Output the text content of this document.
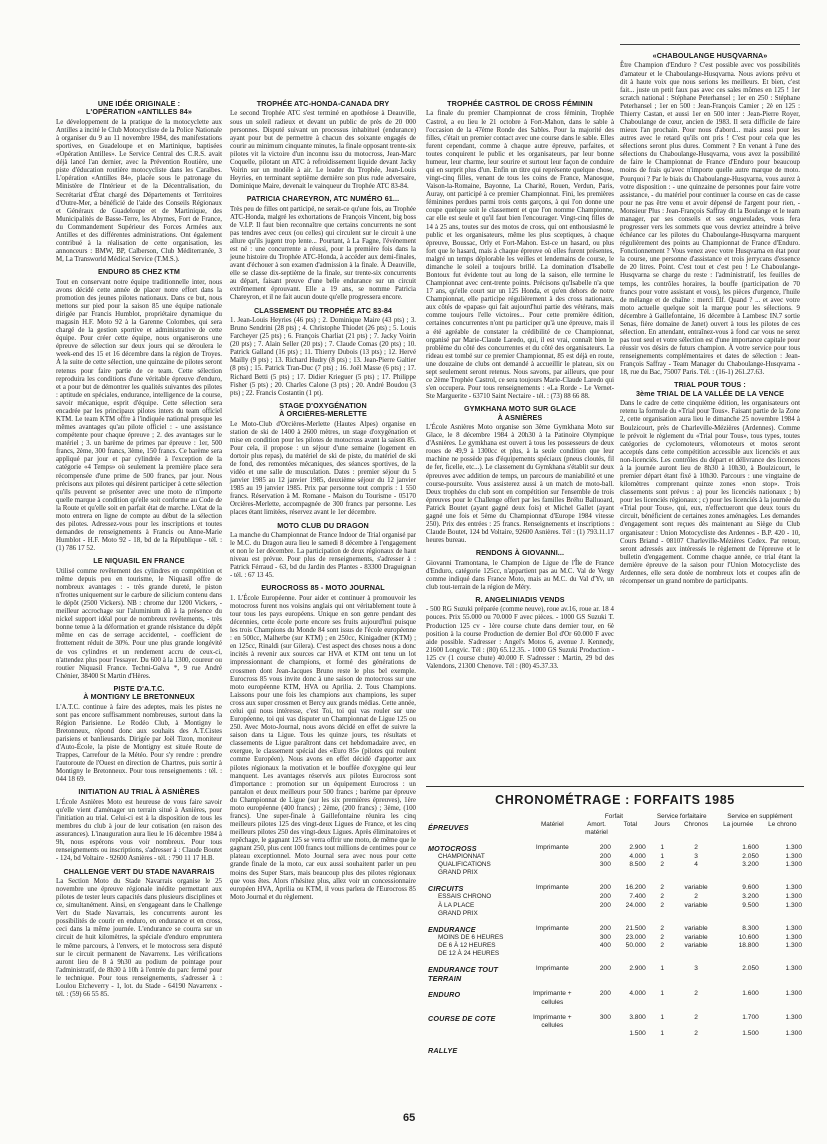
UNE IDÉE ORIGINALE :
L'OPÉRATION «ANTILLES 84»

Le développement de la pratique de la motocyclette aux Antilles a incité le Club Motocycliste de la Police Nationale à organiser du 9 au 11 novembre 1984, des manifestations sportives, en Guadeloupe et en Martinique, baptisées «Opération Antilles». Le Service Central des C.R.S. avait déjà lancé l'an dernier, avec la Prévention Routière, une piste d'éducation routière motocycliste dans les Caraïbes. L'opération «Antilles 84», placée sous le patronage du Ministère de l'Intérieur et de la Décentralisation, du Secrétariat d'État chargé des Départements et Territoires d'Outre-Mer, a bénéficié de l'aide des Conseils Régionaux et Généraux de Guadeloupe et de Martinique, des Municipalités de Basse-Terre, les Abymes, Fort de France, du Commandement Supérieur des Forces Armées aux Antilles et des différentes administrations. Ont également contribué à la réalisation de cette organisation, les annonceurs : BMW, BP, Calberson, Club Méditerranée, 3 M, La Transworld Médical Service (T.M.S.).

ENDURO 85 CHEZ KTM

Tout en conservant notre équipe traditionnelle inter, nous avons décidé cette année de placer notre effort dans la promotion des jeunes pilotes nationaux. Dans ce but, nous mettons sur pied pour la saison 85 une équipe nationale dirigée par Francis Humblot, propriétaire dynamique du magasin H.F. Moto 92 à la Garenne Colombes, qui sera chargé de la gestion sportive et administrative de cette équipe. Pour créer cette équipe, nous organiserons une épreuve de sélection sur deux jours qui se déroulera le week-end des 15 et 16 décembre dans la région de Troyes. À la suite de cette sélection, une quinzaine de pilotes seront retenus pour faire partie de ce team. Cette sélection reproduira les conditions d'une véritable épreuve d'enduro, et a pour but de démontrer les qualités suivantes des pilotes : aptitude en spéciales, endurance, intelligence de la course, savoir mécanique, esprit d'équipe. Cette sélection sera encadrée par les principaux pilotes inters du team officiel KTM. Le team KTM offre à l'indiquée national presque les mêmes avantages qu'au pilote officiel : - une assistance compétente pour chaque épreuve ; 2. des avantages sur le matériel ; 3. un barème de primes par épreuve : 1er, 500 francs, 2ème, 300 francs, 3ème, 150 francs. Ce barème sera appliqué par jour et par cylindrée à l'exception de la catégorie «4 Temps» où seulement la première place sera récompensée d'une prime de 500 francs, par jour. Nous précisons aux pilotes qui désirent participer à cette sélection qu'ils peuvent se présenter avec une moto de n'importe quelle marque à condition qu'elle soit conforme au Code de la Route et qu'elle soit en parfait état de marche. L'état de la moto entrera en ligne de compte au début de la sélection des pilotes. Adressez-vous pour les inscriptions et toutes demandes de renseignements à Francis ou Anne-Marie Humblot - H.F. Moto 92 - 18, bd de la République - tél. : (1) 786 17 52.

LE NIQUASIL EN FRANCE

Utilisé comme revêtement des cylindres en compétition et même depuis peu en tourisme, le Niquasil offre de nombreux avantages : - très grande dureté, le piston n'frottes uniquement sur le carbure de silicium contenu dans le dépôt (2500 Vickers). NB : chrome dur 1200 Vickers, - meilleur accrochage sur l'aluminium dû à la présence du nickel support idéal pour de nombreux revêtements, - très bonne tenue à la déformation et grande résistance du dépôt même en cas de serrage accidentel, - coefficient de frottement réduit de 30%. Pour une plus grande longévité de vos cylindres et un rendement accru de ceux-ci, n'attendez plus pour l'essayer. Du 600 à la 1300, coureur ou routier Niquasil France. Techni-Galva *, 9 rue André Chénier, 38400 St Martin d'Hères.

PISTE D'A.T.C.
À MONTIGNY LE BRETONNEUX

L'A.T.C. continue à faire des adeptes, mais les pistes ne sont pas encore suffisamment nombreuses, surtout dans la Région Parisienne. Le Rodéo Club, à Montigny le Bretonneux, répond donc aux souhaits des A.T.Cistes parisiens et banlieusards. Dirigée par Joël Tizon, moniteur d'Auto-École, la piste de Montigny est située Route de Trappes, Carrefour de la Météo. Pour s'y rendre : prendre l'autoroute de l'Ouest en direction de Chartres, puis sortir à Montigny le Bretonneux. Pour tous renseignements : tél. : 044 18 69.

INITIATION AU TRIAL À ASNIÈRES

L'École Asnières Moto est heureuse de vous faire savoir qu'elle vient d'aménager un terrain situé à Asnières, pour l'initiation au trial. Celui-ci est à la disposition de tous les membres du club à jour de leur cotisation (en raison des assurances). L'inauguration aura lieu le 16 décembre 1984 à 9h, nous espérons vous voir nombreux. Pour tous renseignements ou inscriptions, s'adresser à : Claude Boutet - 124, bd Voltaire - 92600 Asnières - tél. : 790 11 17 H.B.

CHALLENGE VERT DU STADE NAVARRAIS

La Section Moto du Stade Navarrais organise le 25 novembre une épreuve régionale inédite permettant aux pilotes de tester leurs capacités dans plusieurs disciplines et ce, simultanément. Ainsi, en s'engageant dans le Challenge Vert du Stade Navarrais, les concurrents auront les possibilités de courir en enduro, en endurance et en cross, ceci dans la même journée. L'endurance se courra sur un circuit de huit kilomètres, la spéciale d'enduro empruntera le même parcours, à l'envers, et le motocross sera disputé sur le circuit permanent de Navarrenx. Les vérifications auront lieu de 8 à 9h30 au podium de pointage pour l'administratif, de 8h30 à 10h à l'entrée du parc fermé pour le technique. Pour tous renseignements, s'adresser à : Loulou Etcheverry - 1, lot. du Stade - 64190 Navarrenx - tél. : (59) 66 55 85.

TROPHÉE ATC-HONDA-CANADA DRY

Le second Trophée ATC s'est terminé en apothéose à Deauville, sous un soleil radieux et devant un public de près de 20 000 personnes. Disputé suivant un processus inhabituel (endurance) ayant pour but de permettre à chacun des soixante engagés de courir au minimum cinquante minutes, la finale opposant trente-six pilotes vit la victoire d'un inconnu issu du motocross, Jean-Marc Coquelle, pilotant un ATC à refroidissement liquide devant Jacky Voirin sur un modèle à air. Le leader du Trophée, Jean-Louis Heyries, en terminant septième dernière son plus rude adversaire, Dominique Maire, devenait le vainqueur du Trophée ATC 83-84.

PATRICIA CHAREYRON, ATC NUMÉRO 61...

Très peu de filles ont participé, ne serait-ce qu'une fois, au Trophée ATC-Honda, malgré les exhortations de François Vincent, big boss de V.I.P. Il faut bien reconnaître que certains concurrents ne sont pas tendres avec ceux (ou celles) qui circulent sur le circuit à une allure qu'ils jugent trop lente... Pourtant, à La Fagne, l'événement est né : une concurrente a réussi, pour la première fois dans la jeune histoire du Trophée ATC-Honda, à accéder aux demi-finales, avant d'échouer à son examen d'admission à la finale. À Deauville, elle se classe dix-septième de la finale, sur trente-six concurrents au départ, faisant preuve d'une belle endurance sur un circuit extrêmement éprouvant. Elle a 19 ans, se nomme Patricia Chareyron, et il ne fait aucun doute qu'elle progressera encore.

CLASSEMENT DU TROPHÉE ATC 83-84

1. Jean-Louis Heyries (46 pts) ; 2. Dominique Maire (43 pts) ; 3. Bruno Sendrini (28 pts) ; 4. Christophe Thiodet (26 pts) ; 5. Louis Farcheyer (25 pts) ; 6. François Charliat (21 pts) ; 7. Jacky Voirin (20 pts) ; 7. Alain Seller (20 pts) ; 7. Claude Comas (20 pts) ; 10. Patrick Galland (16 pts) ; 11. Thierry Dubois (13 pts) ; 12. Hervé Mailly (9 pts) ; 13. Richard Hudry (8 pts) ; 13. Jean-Pierre Galtier (8 pts) ; 15. Patrick Tran-Duc (7 pts) ; 16. Joël Masse (6 pts) ; 17. Richard Betti (5 pts) ; 17. Didier Krieguer (5 pts) ; 17. Philippe Fisher (5 pts) ; 20. Charles Calone (3 pts) ; 20. André Boudou (3 pts) ; 22. Francis Costantin (1 pt).

STAGE D'OXYGÉNATION
À ORCIÈRES-MERLETTE

Le Moto-Club d'Orcières-Merlette (Hautes Alpes) organise en station de ski de 1400 à 2600 mètres, un stage d'oxygénation et mise en condition pour les pilotes de motocross avant la saison 85. Pour cela, il propose : un séjour d'une semaine (logement en dortoir plus repas), du matériel de ski de piste, du matériel de ski de fond, des remontées mécaniques, des séances sportives, de la vidéo et une salle de musculation. Dates : premier séjour du 5 janvier 1985 au 12 janvier 1985, deuxième séjour du 12 janvier 1985 au 19 janvier 1985. Prix par personne tout compris : 1 550 francs. Réservation à M. Romane - Maison du Tourisme - 05170 Orcières-Merlette, accompagnée de 300 francs par personne. Les places étant limitées, réservez avant le 1er décembre.

MOTO CLUB DU DRAGON

La manche du Championnat de France Indoor de Trial organisé par le M.C. du Dragon aura lieu le samedi 8 décembre à l'engagement et non le 1er décembre. La participation de deux régionaux de haut niveau est prévue. Pour plus de renseignements, s'adresser à : Patrick Férraud - 63, bd du Jardin des Plantes - 83300 Draguignan - tél. : 67 13 45.

EUROCROSS 85 - MOTO JOURNAL

1. L'École Européenne. Pour aider et continuer à promouvoir les motocross furent nos voisins anglais qui ont véritablement toute à tour tous les pays européens. Unique en son genre pendant des décennies, cette école porte encore ses fruits aujourd'hui puisque les trois Champions du Monde 84 sont issus de l'école européenne : en 500cc, Malherbe (sur KTM) ; en 250cc, Kinigadner (KTM) ; en 125cc, Rinaldi (sur Gilera). C'est aspect des choses nous a donc incités à revenir aux sources car HVA et KTM ont tenu un lot impressionnant de champions, et formé des générations de crossmen dont Jean-Jacques Bruno reste le plus bel exemple. Eurocross 85 vous invite donc à une saison de motocross sur une moto européenne KTM, HVA ou Aprilia. 2. Tous Champions. Laissons pour une fois les champions aux champions, les super cross aux super crossmen et Bercy aux grands médias. Cette année, celui qui nous intéresse, c'est Toi, toi qui vas rouler sur une Européenne, toi qui vas disputer un Championnat de Ligue 125 ou 250. Avec Moto-Journal, nous avons décidé en effet de suivre la saison dans ta Ligue. Tous les quinze jours, tes résultats et classements de Ligue paraîtront dans cet hebdomadaire avec, en exergue, le classement spécial des «Euro 85» (pilotes qui roulent comme Européen). Nous avons en effet décidé d'apporter aux pilotes régionaux la motivation et le bouffée d'oxygène qui leur manquent. Les avantages réservés aux pilotes Eurocross sont d'importance : promotion sur un équipement Eurocross : un pantalon et deux meilleurs pour 500 francs ; barème par épreuve du Championnat de Ligue (sur les six premières épreuves), 1ère moto européenne (400 francs) ; 2ème, (200 francs) ; 3ème, (100 francs). Une super-finale à Gaillefontaine réunira les cinq meilleurs pilotes 125 des vingt-deux Ligues de France, et les cinq meilleurs pilotes 250 des vingt-deux Ligues. Après éliminatoires et repêchage, le gagnant 125 se verra offrir une moto, de même que le gagnant 250, plus cent 100 francs tout millions de centimes pour ce plateau exceptionnel. Moto Journal sera avec nous pour cette grande finale de la moto, car eux aussi souhaitent parler un peu moins des Super Stars, mais beaucoup plus des pilotes régionaux que vous êtes. Alors n'hésitez plus, allez voir un concessionnaire européen HVA, Aprilia ou KTM, il vous parlera de l'Eurocross 85 Moto Journal et du règlement.

TROPHÉE CASTROL DE CROSS FÉMININ

La finale du premier Championnat de cross féminin, Trophée Castrol, a eu lieu le 21 octobre à Fort-Mahon, dans le sable à l'occasion de la 47ème Ronde des Sables. Pour la majorité des filles, c'était un premier contact avec une course dans le sable. Elles furent cependant, comme à chaque autre épreuve, parfaites, et toutes conquirent le public et les organisateurs, par leur bonne humeur, leur charme, leur sourire et surtout leur façon de conduire qui en surprit plus d'un. Enfin un titre qui représente quelque chose, vingt-cinq filles, venant de tous les coins de France, Manosque, Vaison-la-Romaine, Bayonne, La Charité, Rouen, Verdun, Paris, Auray, ont participé à ce premier Championnat. Fini, les premières féminines perdues parmi trois cents garçons, à qui l'on donne une coupe quelque soit le classement et que l'on nomme Championne, car elle est seule et qu'il faut bien l'encourager. Vingt-cinq filles de 14 à 25 ans, toutes sur des motos de cross, qui ont enthousiasmé le public et les organisateurs, même les plus sceptiques, à chaque épreuve, Boussac, Orly et Fort-Mahon. Est-ce un hasard, ou plus fort que le hasard, mais à chaque épreuve où elles furent présentes, malgré un temps déplorable les veilles et lendemains de course, le dimanche le soleil a toujours brillé. La domination d'Isabelle Bontoux fut évidente tout au long de la saison, elle termine le Championnat avec cent-trente points. Précisons qu'Isabelle n'a que 17 ans, qu'elle court sur un 125 Honda, et qu'en dehors de notre Championnat, elle participe régulièrement à des cross nationaux, aux côtés de «papas» qui fait aujourd'hui partie des vétérans, mais comme toujours l'elle victoires... Pour cette première édition, certaines concurrentes n'ont pu participer qu'à une épreuve, mais il a été agréable de constater la crédibilité de ce Championnat, organisé par Marie-Claude Laredo, qui, il est vrai, connaît bien le problème du côté des concurrentes et du côté des organisateurs. La rideau est tombé sur ce premier Championnat, 85 est déjà en route, une douzaine de clubs ont demandé à accueillir le plateau, six ou sept seulement seront retenus. Nous savons, par ailleurs, que pour ce 2ème Trophée Castrol, ce sera toujours Marie-Claude Laredo qui s'en occupera. Pour tous renseignements : «La Rorde - Le Vernet-Ste Marguerite - 63710 Saint Nectaire - tél. : (73) 88 66 88.

GYMKHANA MOTO SUR GLACE
À ASNIÈRES

L'École Asnières Moto organise son 3ème Gymkhana Moto sur Glace, le 8 décembre 1984 à 20h30 à la Patinoire Olympique d'Asnières. Le gymkhana est ouvert à tous les possesseurs de deux roues de 49,9 à 1300cc et plus, à la seule condition que leur machine ne possède pas d'équipements spéciaux (pneus cloutés, fil de fer, ficelle, etc...). Le classement du Gymkhana s'établit sur deux épreuves avec addition de temps, un parcours de maniabilité et une course-poursuite. Vous assisterez aussi à un match de moto-ball. Deux trophées du club sont en compétition sur l'ensemble de trois épreuves pour le Challenge offert par les familles Bréhu Balluoard, Patrick Boutet (ayant gagné deux fois) et Michel Gallet (ayant gagné une fois et 5ème du Championnat d'Europe 1984 vitesse 250). Prix des entrées : 25 francs. Renseignements et inscriptions : Claude Boutet, 124 bd Voltaire, 92600 Asnières. Tél : (1) 793.11.17 heures bureau.

RENDONS À GIOVANNI...

Giovanni Tramontana, le Champion de Ligue de l'Île de France d'Enduro, catégorie 125cc, n'appartient pas au M.C. Val de Vergy comme indiqué dans France Moto, mais au M.C. du Val d'Yv, un club tout-terrain de la région de Méry.

R. ANGELINIADIS VENDS

- 500 RG Suzuki préparée (comme neuve), roue av.16, roue ar. 18 4 pouces. Prix 55.000 ou 70.000 F avec pièces. - 1000 GS Suzuki T. Production 125 cv - 1ère course chute dans dernier tour, en 6è position à la course Production de dernier Bol d'Or 60.000 F avec aide possible. S'adresser : Angel's Motos 6, avenue J. Kennedy, 21600 Longvic. Tél : (80) 65.12.35. - 1000 GS Suzuki Production - 125 cv (1 course chute) 40.000 F. S'adresser : Martin, 29 bd des Valendons, 21300 Chenove. Tél : (80) 45.37.33.

«CHABOULANGE HUSQVARNA»

Être Champion d'Enduro ? C'est possible avec vos possibilités d'amateur et le Chaboulange-Husqvarna. Nous avions prévu et dit à haute voix que nous serions les meilleurs. Et bien, c'est fait... juste un petit faux pas avec ces sales mômes en 125 ! 1er scratch national : Stéphane Peterhansel ; 1er en 250 : Stéphane Peterhansel ; 1er en 500 : Jean-François Camier ; 2è en 125 : Thierry Castan, et aussi 1er en 500 inter : Jean-Pierre Royer, Chaboulange de cœur, ancien de 1983. Il sera difficile de faire mieux l'an prochain. Pour nous d'abord... mais aussi pour les autres avec le retard qu'ils ont pris ! C'est pour cela que les sélections seront plus dures. Comment ? En venant à l'une des sélections du Chaboulange-Husqvarna, vous avez la possibilité de faire le Championnat de France d'Enduro pour beaucoup moins de frais qu'avec n'importe quelle autre marque de moto. Pourquoi ? Par le biais du Chaboulange-Husqvarna, vous aurez à votre disposition : - une quinzaine de personnes pour faire votre assistance, - du matériel pour continuer la course en cas de casse pour ne pas être venu et avoir dépensé de l'argent pour rien, - Monsieur Plus : Jean-François Saffray dit la Boulange et le team manager, par ses conseils et ses engueulades, vous fera progresser vers les sommets que vous devriez atteindre à brève échéance car les pilotes du Chaboulange-Husqvarna marquent régulièrement des points au Championnat de France d'Enduro. Fonctionnement ? Vous venez avec votre Husqvarna en état pour la course, une personne d'assistance et trois jerrycans d'essence de 20 litres. Point. C'est tout et c'est peu ! Le Chaboulange-Husqvarna se charge du reste : l'administratif, les feuilles de temps, les contrôles horaires, la bouffe (participation de 70 francs pour votre assistant et vous), les pièces d'urgence, l'huile de mélange et de chaîne : merci Elf. Quand ? ... et avec votre moto actuelle quelque soit la marque pour les sélections. 9 décembre à Gaillefontaine, 16 décembre à Lambesc IN.7 sortie Senas, fière domaine de Janet) ouvert à tous les pilotes de ces sélection. En attendant, entraînez-vous à fond car vous ne serez pas tout seul et votre sélection est d'une importance capitale pour réussir vos désirs de futurs champion. À votre service pour tous renseignements complémentaires et dates de sélection : Jean-François Saffray - Team Manager du Chaboulange-Husqvarna - 18, rue du Bac, 75007 Paris. Tél. : (16-1) 261.27.63.

TRIAL POUR TOUS :
3ème TRIAL DE LA VALLÉE DE LA VENCE

Dans le cadre de cette cinquième édition, les organisateurs ont retenu la formule du «Trial pour Tous». Faisant partie de la Zone 2, cette organisation aura lieu le dimanche 25 novembre 1984 à Boulzicourt, près de Charleville-Mézières (Ardennes). Comme le prévoit le règlement du «Trial pour Tous», tous types, toutes catégories de cyclomoteurs, vélomoteurs et motos seront acceptés dans cette compétition accessible aux licenciés et aux non-licenciés. Les contrôles du départ et délivrance des licences à la journée auront lieu de 8h30 à 10h30, à Boulzicourt, le premier départ étant fixé à 10h30. Parcours : une vingtaine de kilomètres comprenant quinze zones «non stop». Trois classements sont prévus : a) pour les licenciés nationaux ; b) pour les licenciés régionaux ; c) pour les licenciés à la journée du «Trial pour Tous», qui, eux, n'effectueront que deux tours du circuit, bénéficient de certaines zones aménagées. Les demandes d'engagement sont reçues dès maintenant au Siège du Club organisateur : Union Motocycliste des Ardennes - B.P. 420 - 10, Cours Briand - 08107 Charleville-Mézières Cedex. Par retour, seront adressés aux intéressés le règlement de l'épreuve et le bulletin d'engagement. Comme chaque année, ce trial étant la dernière épreuve de la saison pour l'Union Motocycliste des Ardennes, elle sera dotée de nombreux lots et coupes afin de récompenser un grand nombre de participants.

CHRONOMÉTRAGE : FORFAITS 1985
		Forfait		Service forfaitaire		Service en supplément	
ÉPREUVES	Matériel	Amort. matériel	Total	Jours	Chronos	La journée	Le chrono
MOTOCROSS	Imprimante	200	2.900	1	2	1.600	1.300
CHAMPIONNAT		200	4.000	1	3	2.050	1.300
QUALIFICATIONS		300	8.500	2	4	3.200	1.300
GRAND PRIX							
CIRCUITS	Imprimante	200	16.200	2	variable	9.600	1.300
ESSAIS CHRONO		200	7.400	2	2	3.200	1.300
À LA PLACE		200	24.000	2	variable	9.500	1.300
GRAND PRIX							
ENDURANCE	Imprimante	200	21.500	2	variable	8.300	1.300
MOINS DE 6 HEURES		300	23.000	2	variable	10.600	1.300
DE 6 À 12 HEURES		400	50.000	2	variable	18.800	1.300
DE 12 À 24 HEURES							
ENDURANCE TOUT TERRAIN	Imprimante	200	2.900	1	3	2.050	1.300
ENDURO	Imprimante + cellules	200	4.000	1	2	1.600	1.300
COURSE DE COTE	Imprimante + cellules	300	3.800	1	2	1.700	1.300
			1.500	1	2	1.500	1.300
RALLYE							
65
